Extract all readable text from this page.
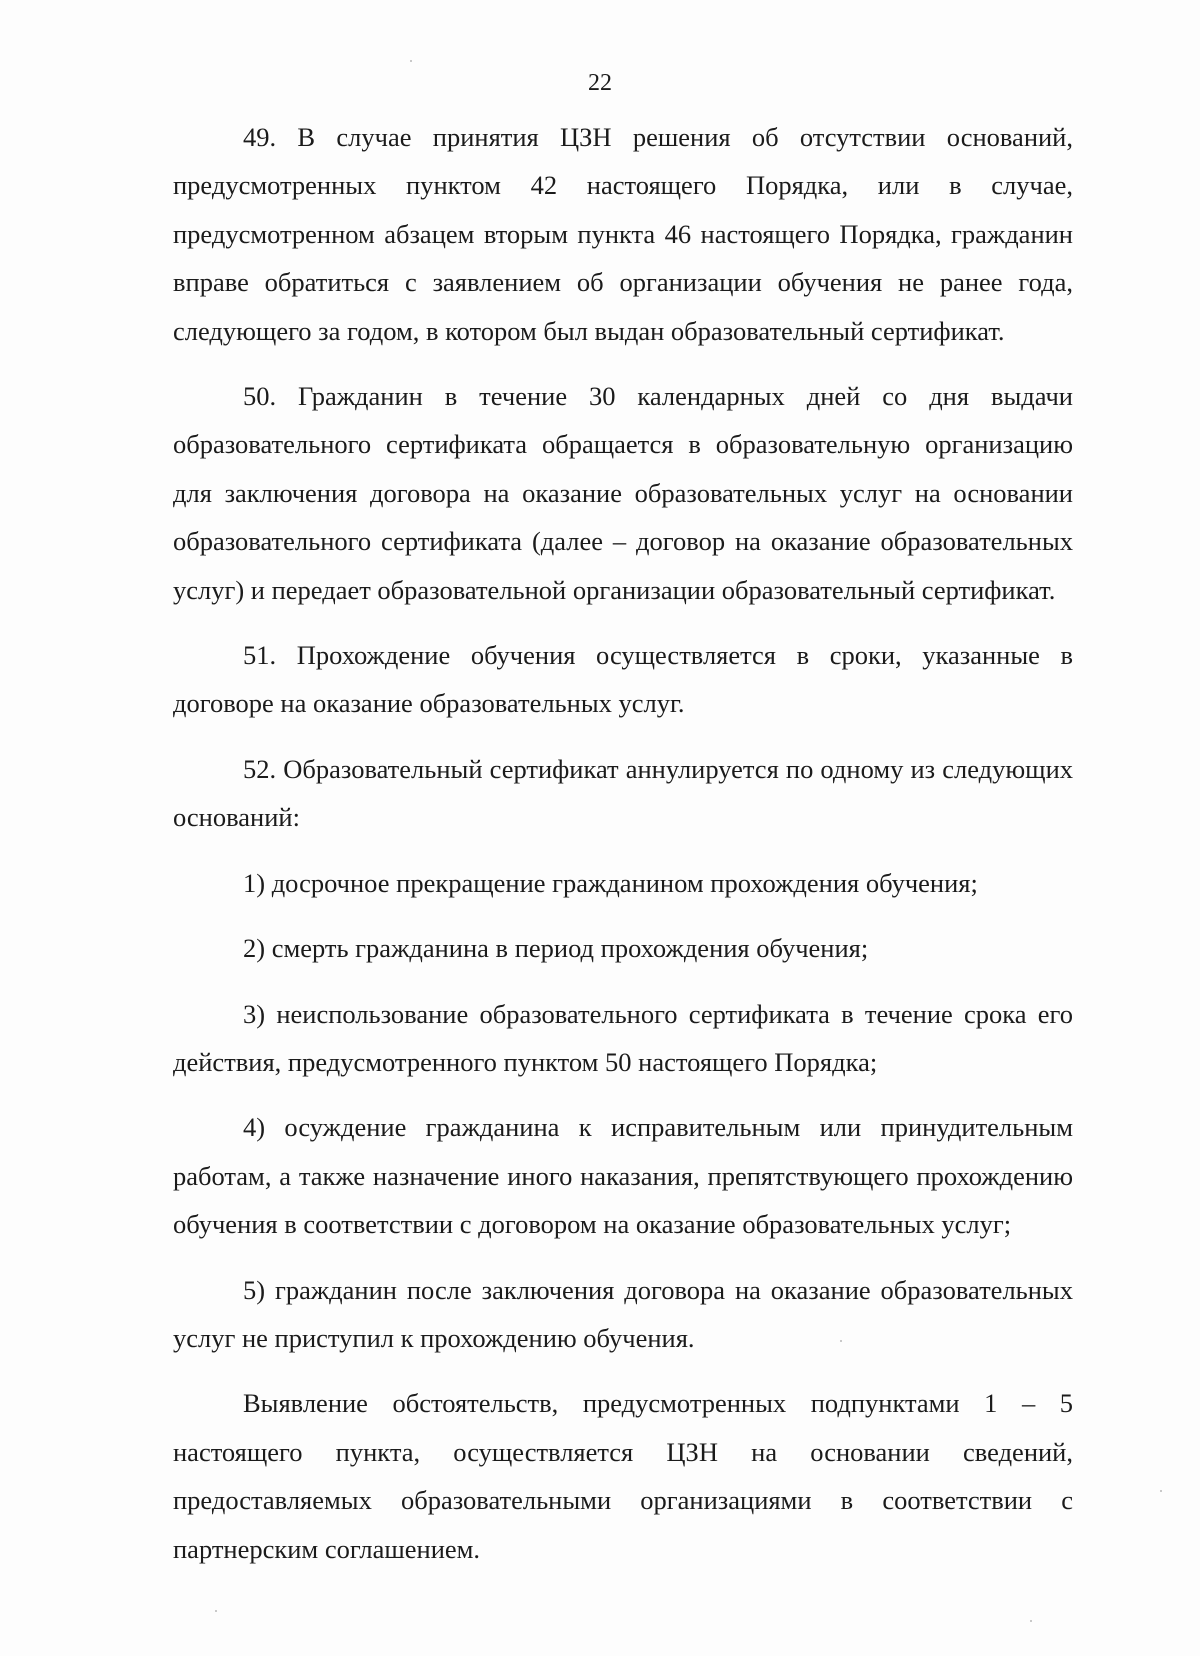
22

49. В случае принятия ЦЗН решения об отсутствии оснований, предусмотренных пунктом 42 настоящего Порядка, или в случае, предусмотренном абзацем вторым пункта 46 настоящего Порядка, гражданин вправе обратиться с заявлением об организации обучения не ранее года, следующего за годом, в котором был выдан образовательный сертификат.

50. Гражданин в течение 30 календарных дней со дня выдачи образовательного сертификата обращается в образовательную организацию для заключения договора на оказание образовательных услуг на основании образовательного сертификата (далее – договор на оказание образовательных услуг) и передает образовательной организации образовательный сертификат.

51. Прохождение обучения осуществляется в сроки, указанные в договоре на оказание образовательных услуг.

52. Образовательный сертификат аннулируется по одному из следующих оснований:

1) досрочное прекращение гражданином прохождения обучения;

2) смерть гражданина в период прохождения обучения;

3) неиспользование образовательного сертификата в течение срока его действия, предусмотренного пунктом 50 настоящего Порядка;

4) осуждение гражданина к исправительным или принудительным работам, а также назначение иного наказания, препятствующего прохождению обучения в соответствии с договором на оказание образовательных услуг;

5) гражданин после заключения договора на оказание образовательных услуг не приступил к прохождению обучения.

Выявление обстоятельств, предусмотренных подпунктами 1 – 5 настоящего пункта, осуществляется ЦЗН на основании сведений, предоставляемых образовательными организациями в соответствии с партнерским соглашением.
